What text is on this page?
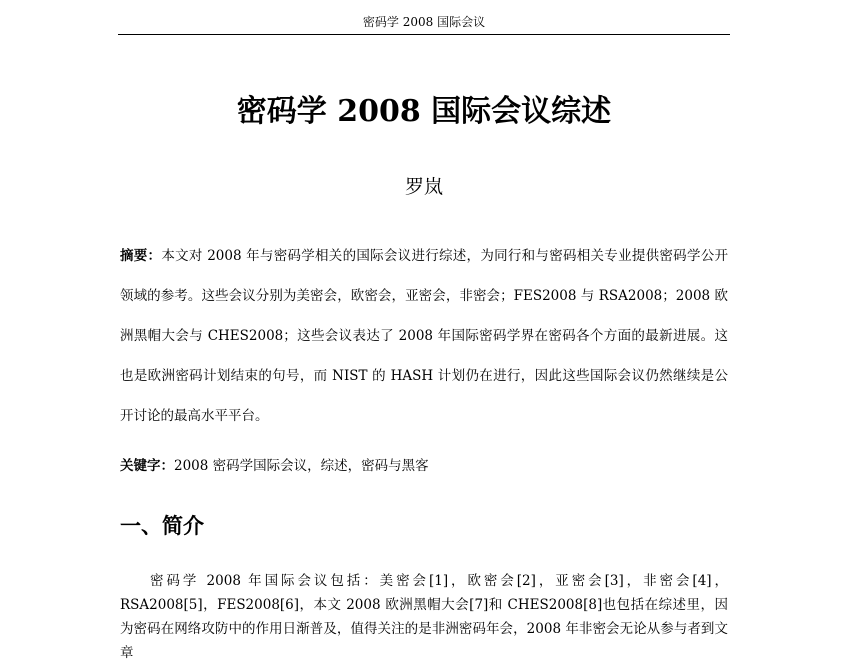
密码学 2008 国际会议
密码学 2008 国际会议综述
罗岚

摘要：本文对 2008 年与密码学相关的国际会议进行综述，为同行和与密码相关专业提供密码学公开领域的参考。这些会议分别为美密会，欧密会，亚密会，非密会；FES2008 与 RSA2008；2008 欧洲黑帽大会与 CHES2008；这些会议表达了 2008 年国际密码学界在密码各个方面的最新进展。这也是欧洲密码计划结束的句号，而 NIST 的 HASH 计划仍在进行，因此这些国际会议仍然继续是公开讨论的最高水平平台。

关键字：2008 密码学国际会议，综述，密码与黑客

一、简介

密码学 2008 年国际会议包括：美密会[1]，欧密会[2]，亚密会[3]，非密会[4]，RSA2008[5]，FES2008[6]，本文 2008 欧洲黑帽大会[7]和 CHES2008[8]也包括在综述里，因为密码在网络攻防中的作用日渐普及，值得关注的是非洲密码年会，2008 年非密会无论从参与者到文章
